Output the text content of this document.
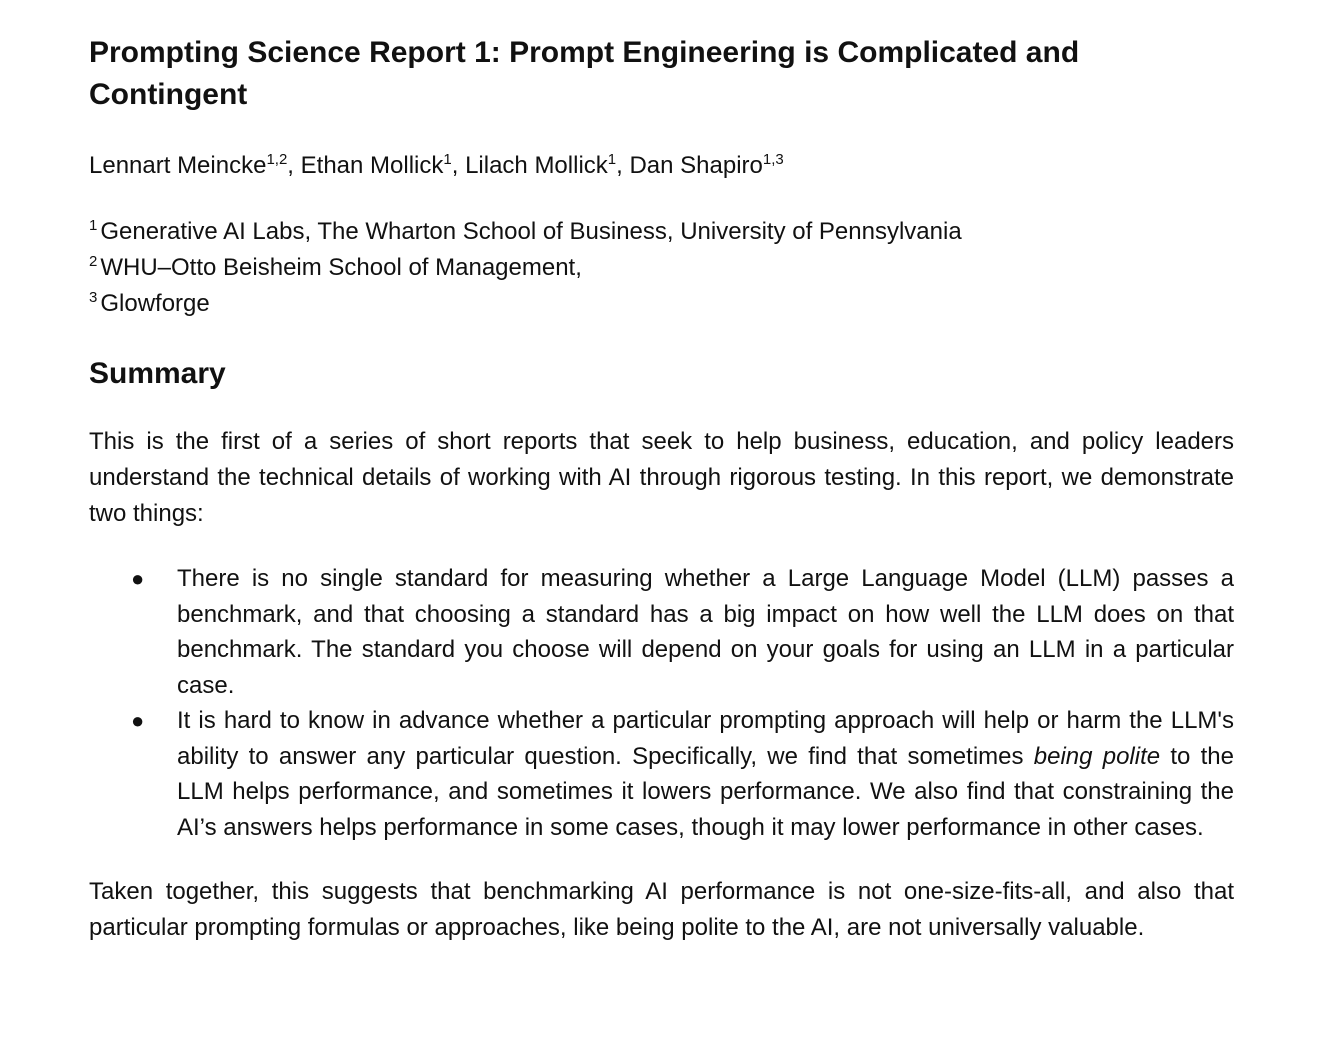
Prompting Science Report 1: Prompt Engineering is Complicated and Contingent
Lennart Meincke$^{1,2}$, Ethan Mollick$^1$, Lilach Mollick$^1$, Dan Shapiro$^{1,3}$
$^1$ Generative AI Labs, The Wharton School of Business, University of Pennsylvania
$^2$ WHU–Otto Beisheim School of Management,
$^3$ Glowforge
Summary

This is the first of a series of short reports that seek to help business, education, and policy leaders understand the technical details of working with AI through rigorous testing. In this report, we demonstrate two things:

● There is no single standard for measuring whether a Large Language Model (LLM) passes a benchmark, and that choosing a standard has a big impact on how well the LLM does on that benchmark. The standard you choose will depend on your goals for using an LLM in a particular case.
● It is hard to know in advance whether a particular prompting approach will help or harm the LLM's ability to answer any particular question. Specifically, we find that sometimes being polite to the LLM helps performance, and sometimes it lowers performance. We also find that constraining the AI’s answers helps performance in some cases, though it may lower performance in other cases.

Taken together, this suggests that benchmarking AI performance is not one-size-fits-all, and also that particular prompting formulas or approaches, like being polite to the AI, are not universally valuable.
